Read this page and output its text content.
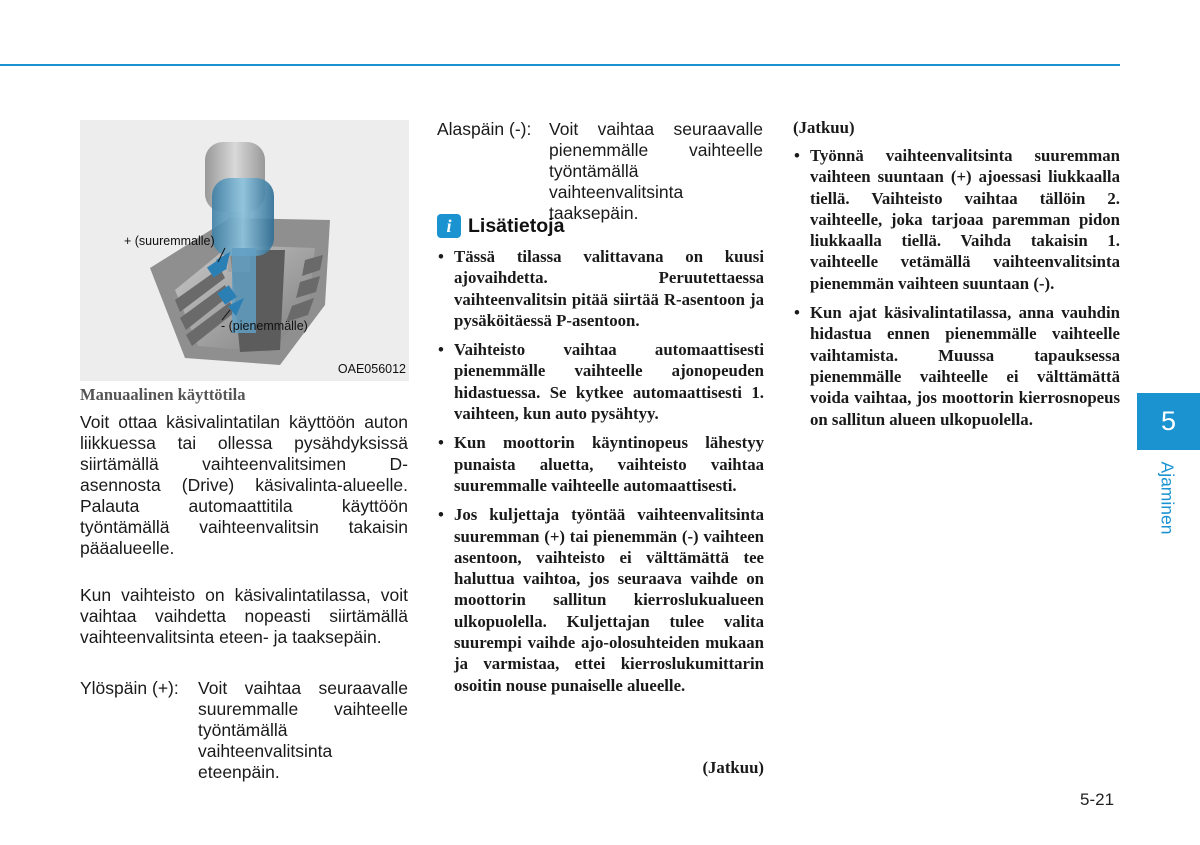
+ (suuremmalle)
- (pienemmälle)
OAE056012
Manuaalinen käyttötila

Voit ottaa käsivalintatilan käyttöön auton liikkuessa tai ollessa pysähdyksissä siirtämällä vaihteenvalitsimen D-asennosta (Drive) käsivalinta-alueelle. Palauta automaattitila käyttöön työntämällä vaihteenvalitsin takaisin pääalueelle.

Kun vaihteisto on käsivalintatilassa, voit vaihtaa vaihdetta nopeasti siirtämällä vaihteenvalitsinta eteen- ja taaksepäin.

Ylöspäin (+): Voit vaihtaa seuraavalle suuremmalle vaihteelle työntämällä vaihteenvalitsinta eteenpäin.
Alaspäin (-): Voit vaihtaa seuraavalle pienemmälle vaihteelle työntämällä vaihteenvalitsinta taaksepäin.
i Lisätietoja
• Tässä tilassa valittavana on kuusi ajovaihdetta. Peruutettaessa vaihteenvalitsin pitää siirtää R-asentoon ja pysäköitäessä P-asentoon.
• Vaihteisto vaihtaa automaattisesti pienemmälle vaihteelle ajonopeuden hidastuessa. Se kytkee automaattisesti 1. vaihteen, kun auto pysähtyy.
• Kun moottorin käyntinopeus lähestyy punaista aluetta, vaihteisto vaihtaa suuremmalle vaihteelle automaattisesti.
• Jos kuljettaja työntää vaihteenvalitsinta suuremman (+) tai pienemmän (-) vaihteen asentoon, vaihteisto ei välttämättä tee haluttua vaihtoa, jos seuraava vaihde on moottorin sallitun kierroslukualueen ulkopuolella. Kuljettajan tulee valita suurempi vaihde ajo-olosuhteiden mukaan ja varmistaa, ettei kierroslukumittarin osoitin nouse punaiselle alueelle.
(Jatkuu)
(Jatkuu)
• Työnnä vaihteenvalitsinta suuremman vaihteen suuntaan (+) ajoessasi liukkaalla tiellä. Vaihteisto vaihtaa tällöin 2. vaihteelle, joka tarjoaa paremman pidon liukkaalla tiellä. Vaihda takaisin 1. vaihteelle vetämällä vaihteenvalitsinta pienemmän vaihteen suuntaan (-).
• Kun ajat käsivalintatilassa, anna vauhdin hidastua ennen pienemmälle vaihteelle vaihtamista. Muussa tapauksessa pienemmälle vaihteelle ei välttämättä voida vaihtaa, jos moottorin kierrosnopeus on sallitun alueen ulkopuolella.	5
Ajaminen
5-21
